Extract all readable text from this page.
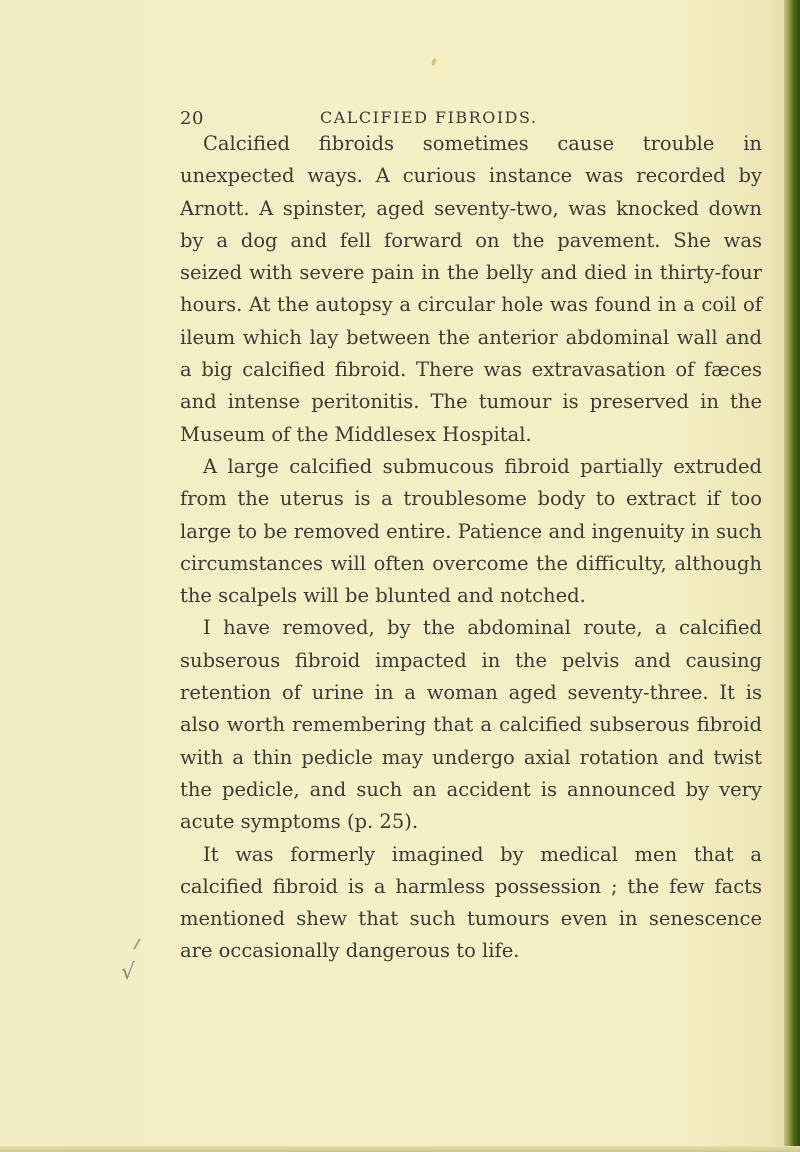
20	CALCIFIED FIBROIDS.

Calcified fibroids sometimes cause trouble in unexpected ways. A curious instance was recorded by Arnott. A spinster, aged seventy-two, was knocked down by a dog and fell forward on the pavement. She was seized with severe pain in the belly and died in thirty-four hours. At the autopsy a circular hole was found in a coil of ileum which lay between the anterior abdominal wall and a big calcified fibroid. There was extravasation of fæces and intense peritonitis. The tumour is preserved in the Museum of the Middlesex Hospital.

A large calcified submucous fibroid partially extruded from the uterus is a troublesome body to extract if too large to be removed entire. Patience and ingenuity in such circumstances will often overcome the difficulty, although the scalpels will be blunted and notched.

I have removed, by the abdominal route, a calcified subserous fibroid impacted in the pelvis and causing retention of urine in a woman aged seventy-three. It is also worth remembering that a calcified subserous fibroid with a thin pedicle may undergo axial rotation and twist the pedicle, and such an accident is announced by very acute symptoms (p. 25).

It was formerly imagined by medical men that a calcified fibroid is a harmless possession ; the few facts mentioned shew that such tumours even in senescence are occasionally dangerous to life.

√
